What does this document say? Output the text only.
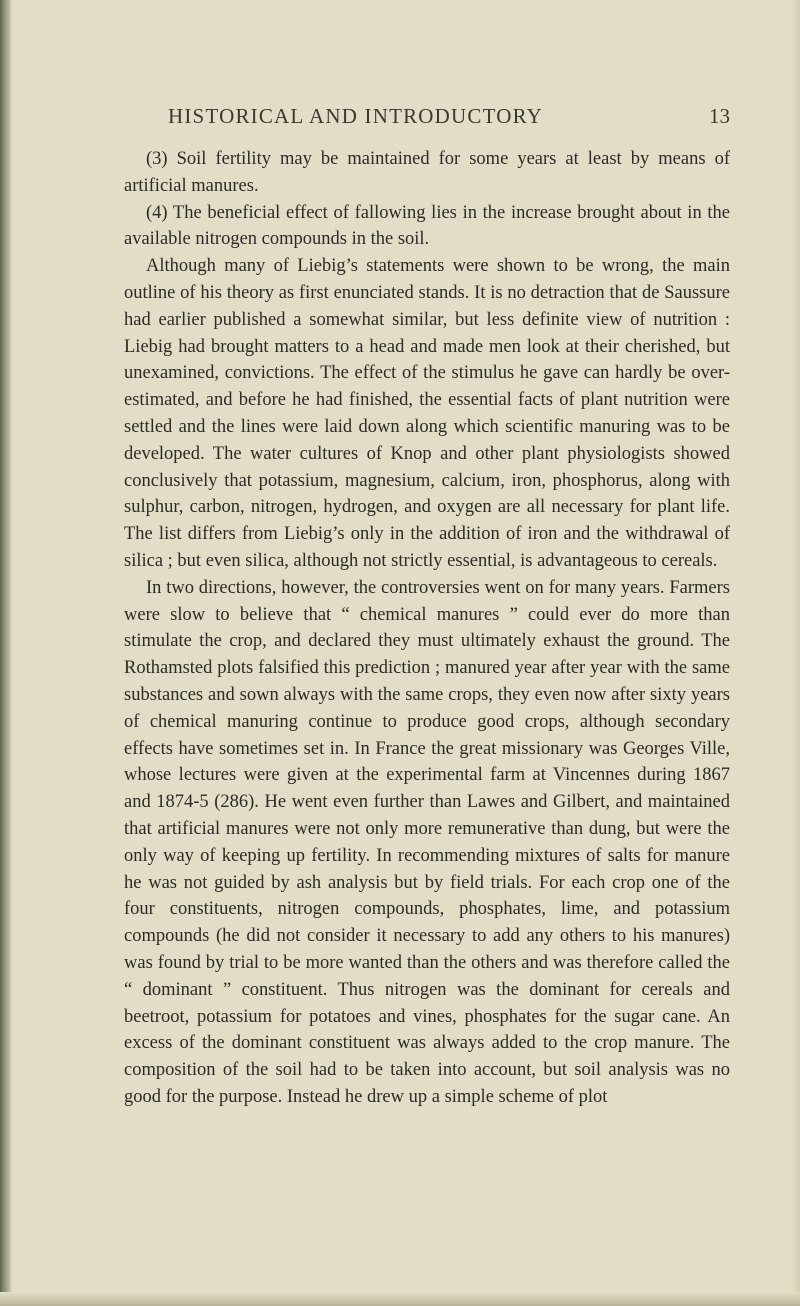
HISTORICAL AND INTRODUCTORY	13

(3) Soil fertility may be maintained for some years at least by means of artificial manures.

(4) The beneficial effect of fallowing lies in the increase brought about in the available nitrogen compounds in the soil.

Although many of Liebig’s statements were shown to be wrong, the main outline of his theory as first enunciated stands. It is no detraction that de Saussure had earlier published a somewhat similar, but less definite view of nutrition : Liebig had brought matters to a head and made men look at their cherished, but unexamined, convictions. The effect of the stimulus he gave can hardly be over-estimated, and before he had finished, the essential facts of plant nutrition were settled and the lines were laid down along which scientific manuring was to be developed. The water cultures of Knop and other plant physiologists showed conclusively that potassium, magnesium, calcium, iron, phosphorus, along with sulphur, carbon, nitrogen, hydrogen, and oxygen are all necessary for plant life. The list differs from Liebig’s only in the addition of iron and the withdrawal of silica ; but even silica, although not strictly essential, is advantageous to cereals.

In two directions, however, the controversies went on for many years. Farmers were slow to believe that “ chemical manures ” could ever do more than stimulate the crop, and declared they must ultimately exhaust the ground. The Rothamsted plots falsified this prediction ; manured year after year with the same substances and sown always with the same crops, they even now after sixty years of chemical manuring continue to produce good crops, although secondary effects have sometimes set in. In France the great missionary was Georges Ville, whose lectures were given at the experimental farm at Vincennes during 1867 and 1874-5 (286). He went even further than Lawes and Gilbert, and maintained that artificial manures were not only more remunerative than dung, but were the only way of keeping up fertility. In recommending mixtures of salts for manure he was not guided by ash analysis but by field trials. For each crop one of the four constituents, nitrogen compounds, phosphates, lime, and potassium compounds (he did not consider it necessary to add any others to his manures) was found by trial to be more wanted than the others and was therefore called the “ dominant ” constituent. Thus nitrogen was the dominant for cereals and beetroot, potassium for potatoes and vines, phosphates for the sugar cane. An excess of the dominant constituent was always added to the crop manure. The composition of the soil had to be taken into account, but soil analysis was no good for the purpose. Instead he drew up a simple scheme of plot
